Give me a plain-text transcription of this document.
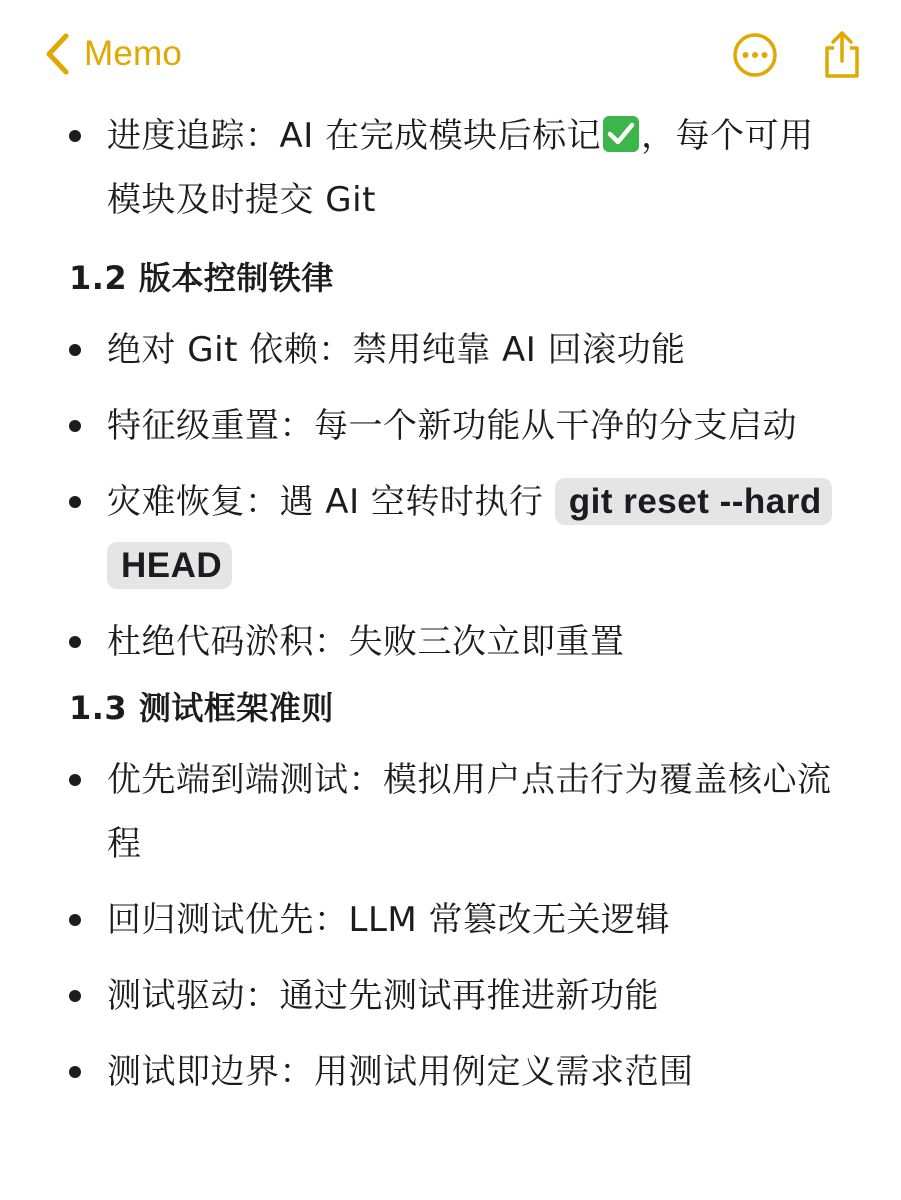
Memo
进度追踪：AI 在完成模块后标记 ，每个可用模块及时提交 Git
1.2 版本控制铁律
绝对 Git 依赖：禁用纯靠 AI 回滚功能
特征级重置：每一个新功能从干净的分支启动
灾难恢复：遇 AI 空转时执行 git reset --hard HEAD
杜绝代码淤积：失败三次立即重置
1.3 测试框架准则
优先端到端测试：模拟用户点击行为覆盖核心流程
回归测试优先：LLM 常篡改无关逻辑
测试驱动：通过先测试再推进新功能
测试即边界：用测试用例定义需求范围
